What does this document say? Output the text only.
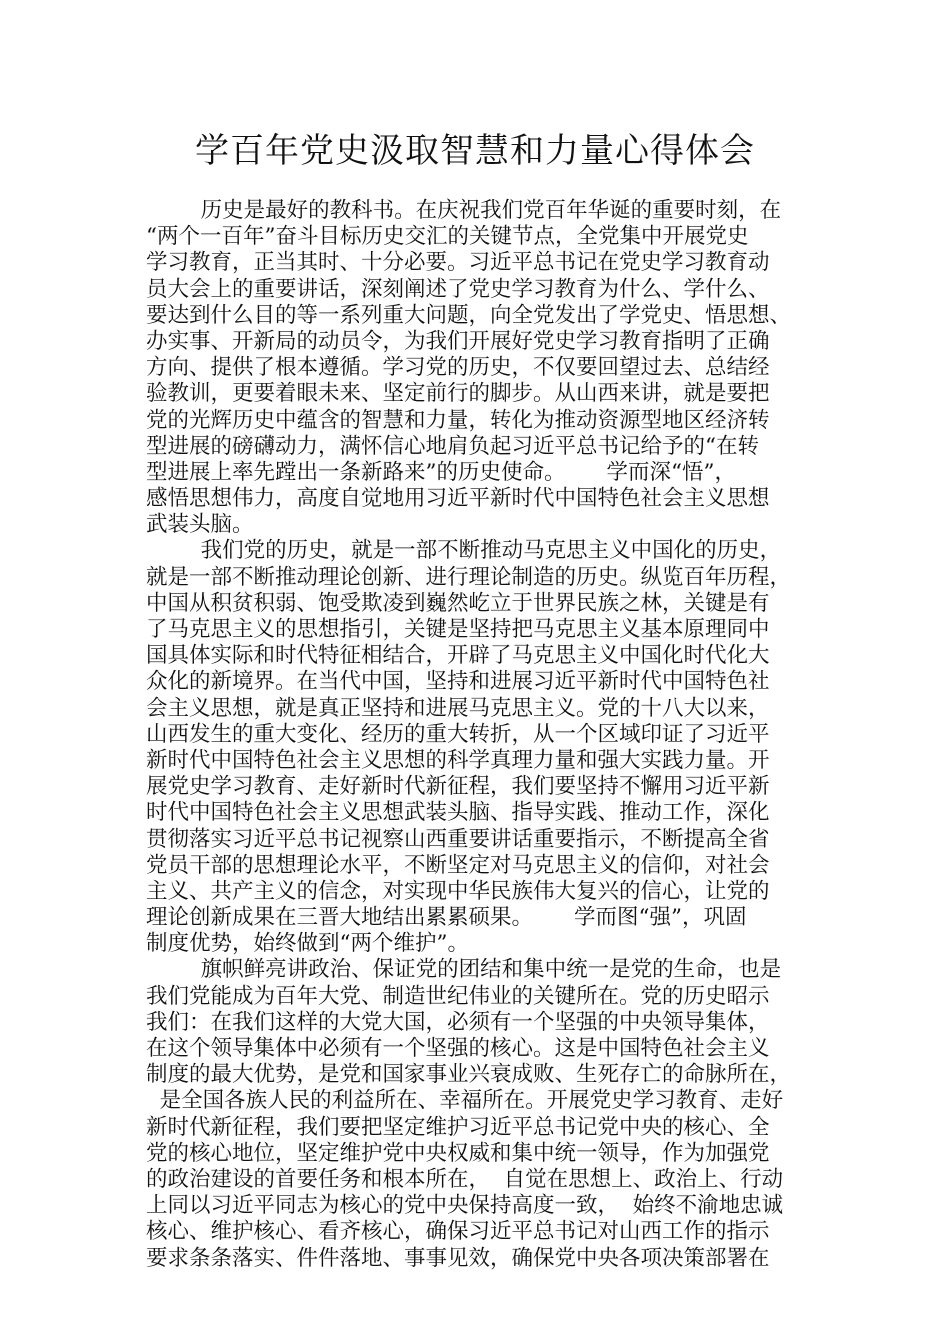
学百年党史汲取智慧和力量心得体会
历史是最好的教科书。在庆祝我们党百年华诞的重要时刻，在
“两个一百年”奋斗目标历史交汇的关键节点，全党集中开展党史
学习教育，正当其时、十分必要。习近平总书记在党史学习教育动
员大会上的重要讲话，深刻阐述了党史学习教育为什么、学什么、
要达到什么目的等一系列重大问题，向全党发出了学党史、悟思想、
办实事、开新局的动员令，为我们开展好党史学习教育指明了正确
方向、提供了根本遵循。学习党的历史，不仅要回望过去、总结经
验教训，更要着眼未来、坚定前行的脚步。从山西来讲，就是要把
党的光辉历史中蕴含的智慧和力量，转化为推动资源型地区经济转
型进展的磅礴动力，满怀信心地肩负起习近平总书记给予的“在转
型进展上率先蹚出一条新路来”的历史使命。      学而深“悟”，
感悟思想伟力，高度自觉地用习近平新时代中国特色社会主义思想
武装头脑。
我们党的历史，就是一部不断推动马克思主义中国化的历史，
就是一部不断推动理论创新、进行理论制造的历史。纵览百年历程，
中国从积贫积弱、饱受欺凌到巍然屹立于世界民族之林，关键是有
了马克思主义的思想指引，关键是坚持把马克思主义基本原理同中
国具体实际和时代特征相结合，开辟了马克思主义中国化时代化大
众化的新境界。在当代中国，坚持和进展习近平新时代中国特色社
会主义思想，就是真正坚持和进展马克思主义。党的十八大以来，
山西发生的重大变化、经历的重大转折，从一个区域印证了习近平
新时代中国特色社会主义思想的科学真理力量和强大实践力量。开
展党史学习教育、走好新时代新征程，我们要坚持不懈用习近平新
时代中国特色社会主义思想武装头脑、指导实践、推动工作，深化
贯彻落实习近平总书记视察山西重要讲话重要指示，不断提高全省
党员干部的思想理论水平，不断坚定对马克思主义的信仰，对社会
主义、共产主义的信念，对实现中华民族伟大复兴的信心，让党的
理论创新成果在三晋大地结出累累硕果。      学而图“强”，巩固
制度优势，始终做到“两个维护”。
旗帜鲜亮讲政治、保证党的团结和集中统一是党的生命，也是
我们党能成为百年大党、制造世纪伟业的关键所在。党的历史昭示
我们：在我们这样的大党大国，必须有一个坚强的中央领导集体，
在这个领导集体中必须有一个坚强的核心。这是中国特色社会主义
制度的最大优势，是党和国家事业兴衰成败、生死存亡的命脉所在，
是全国各族人民的利益所在、幸福所在。开展党史学习教育、走好
新时代新征程，我们要把坚定维护习近平总书记党中央的核心、全
党的核心地位，坚定维护党中央权威和集中统一领导，作为加强党
的政治建设的首要任务和根本所在，  自觉在思想上、政治上、行动
上同以习近平同志为核心的党中央保持高度一致，  始终不渝地忠诚
核心、维护核心、看齐核心，确保习近平总书记对山西工作的指示
要求条条落实、件件落地、事事见效，确保党中央各项决策部署在
